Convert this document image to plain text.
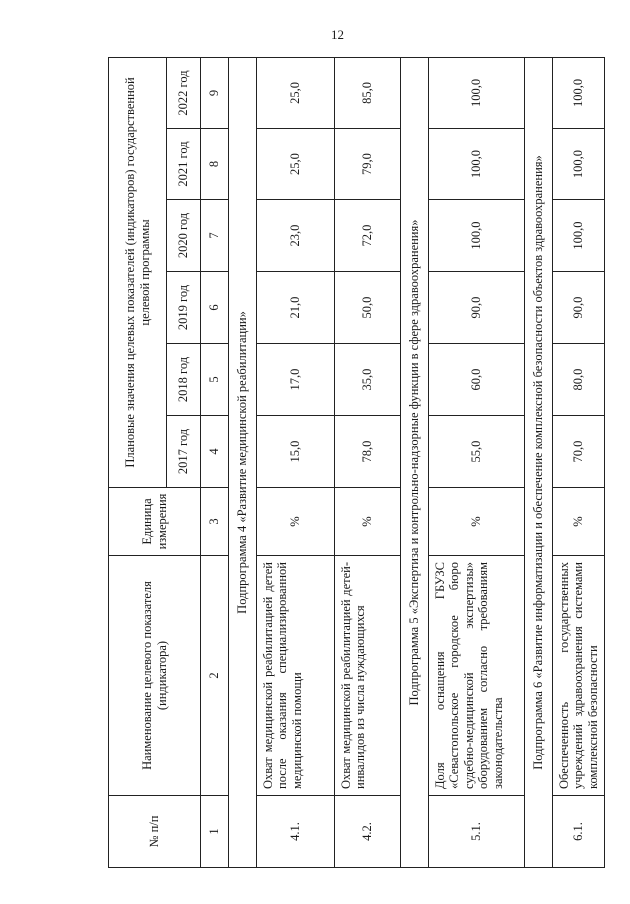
12
№ п/п	Наименование целевого показателя (индикатора)	Единица измерения	Плановые значения целевых показателей (индикаторов) государственной целевой программы					
			2017 год	2018 год	2019 год	2020 год	2021 год	2022 год
1	2	3	4	5	6	7	8	9
Подпрограмма 4 «Развитие медицинской реабилитации»								
4.1.	Охват медицинской реабилитацией детей после оказания специализированной медицинской помощи	%	15,0	17,0	21,0	23,0	25,0	25,0
4.2.	Охват медицинской реабилитацией детей-инвалидов из числа нуждающихся	%	78,0	35,0	50,0	72,0	79,0	85,0
Подпрограмма 5 «Экспертиза и контрольно-надзорные функции в сфере здравоохранения»								
5.1.	Доля оснащения ГБУЗС «Севастопольское городское бюро судебно-медицинской экспертизы» оборудованием согласно требованиям законодательства	%	55,0	60,0	90,0	100,0	100,0	100,0
Подпрограмма 6 «Развитие информатизации и обеспечение комплексной безопасности объектов здравоохранения»								
6.1.	Обеспеченность государственных учреждений здравоохранения системами комплексной безопасности	%	70,0	80,0	90,0	100,0	100,0	100,0
